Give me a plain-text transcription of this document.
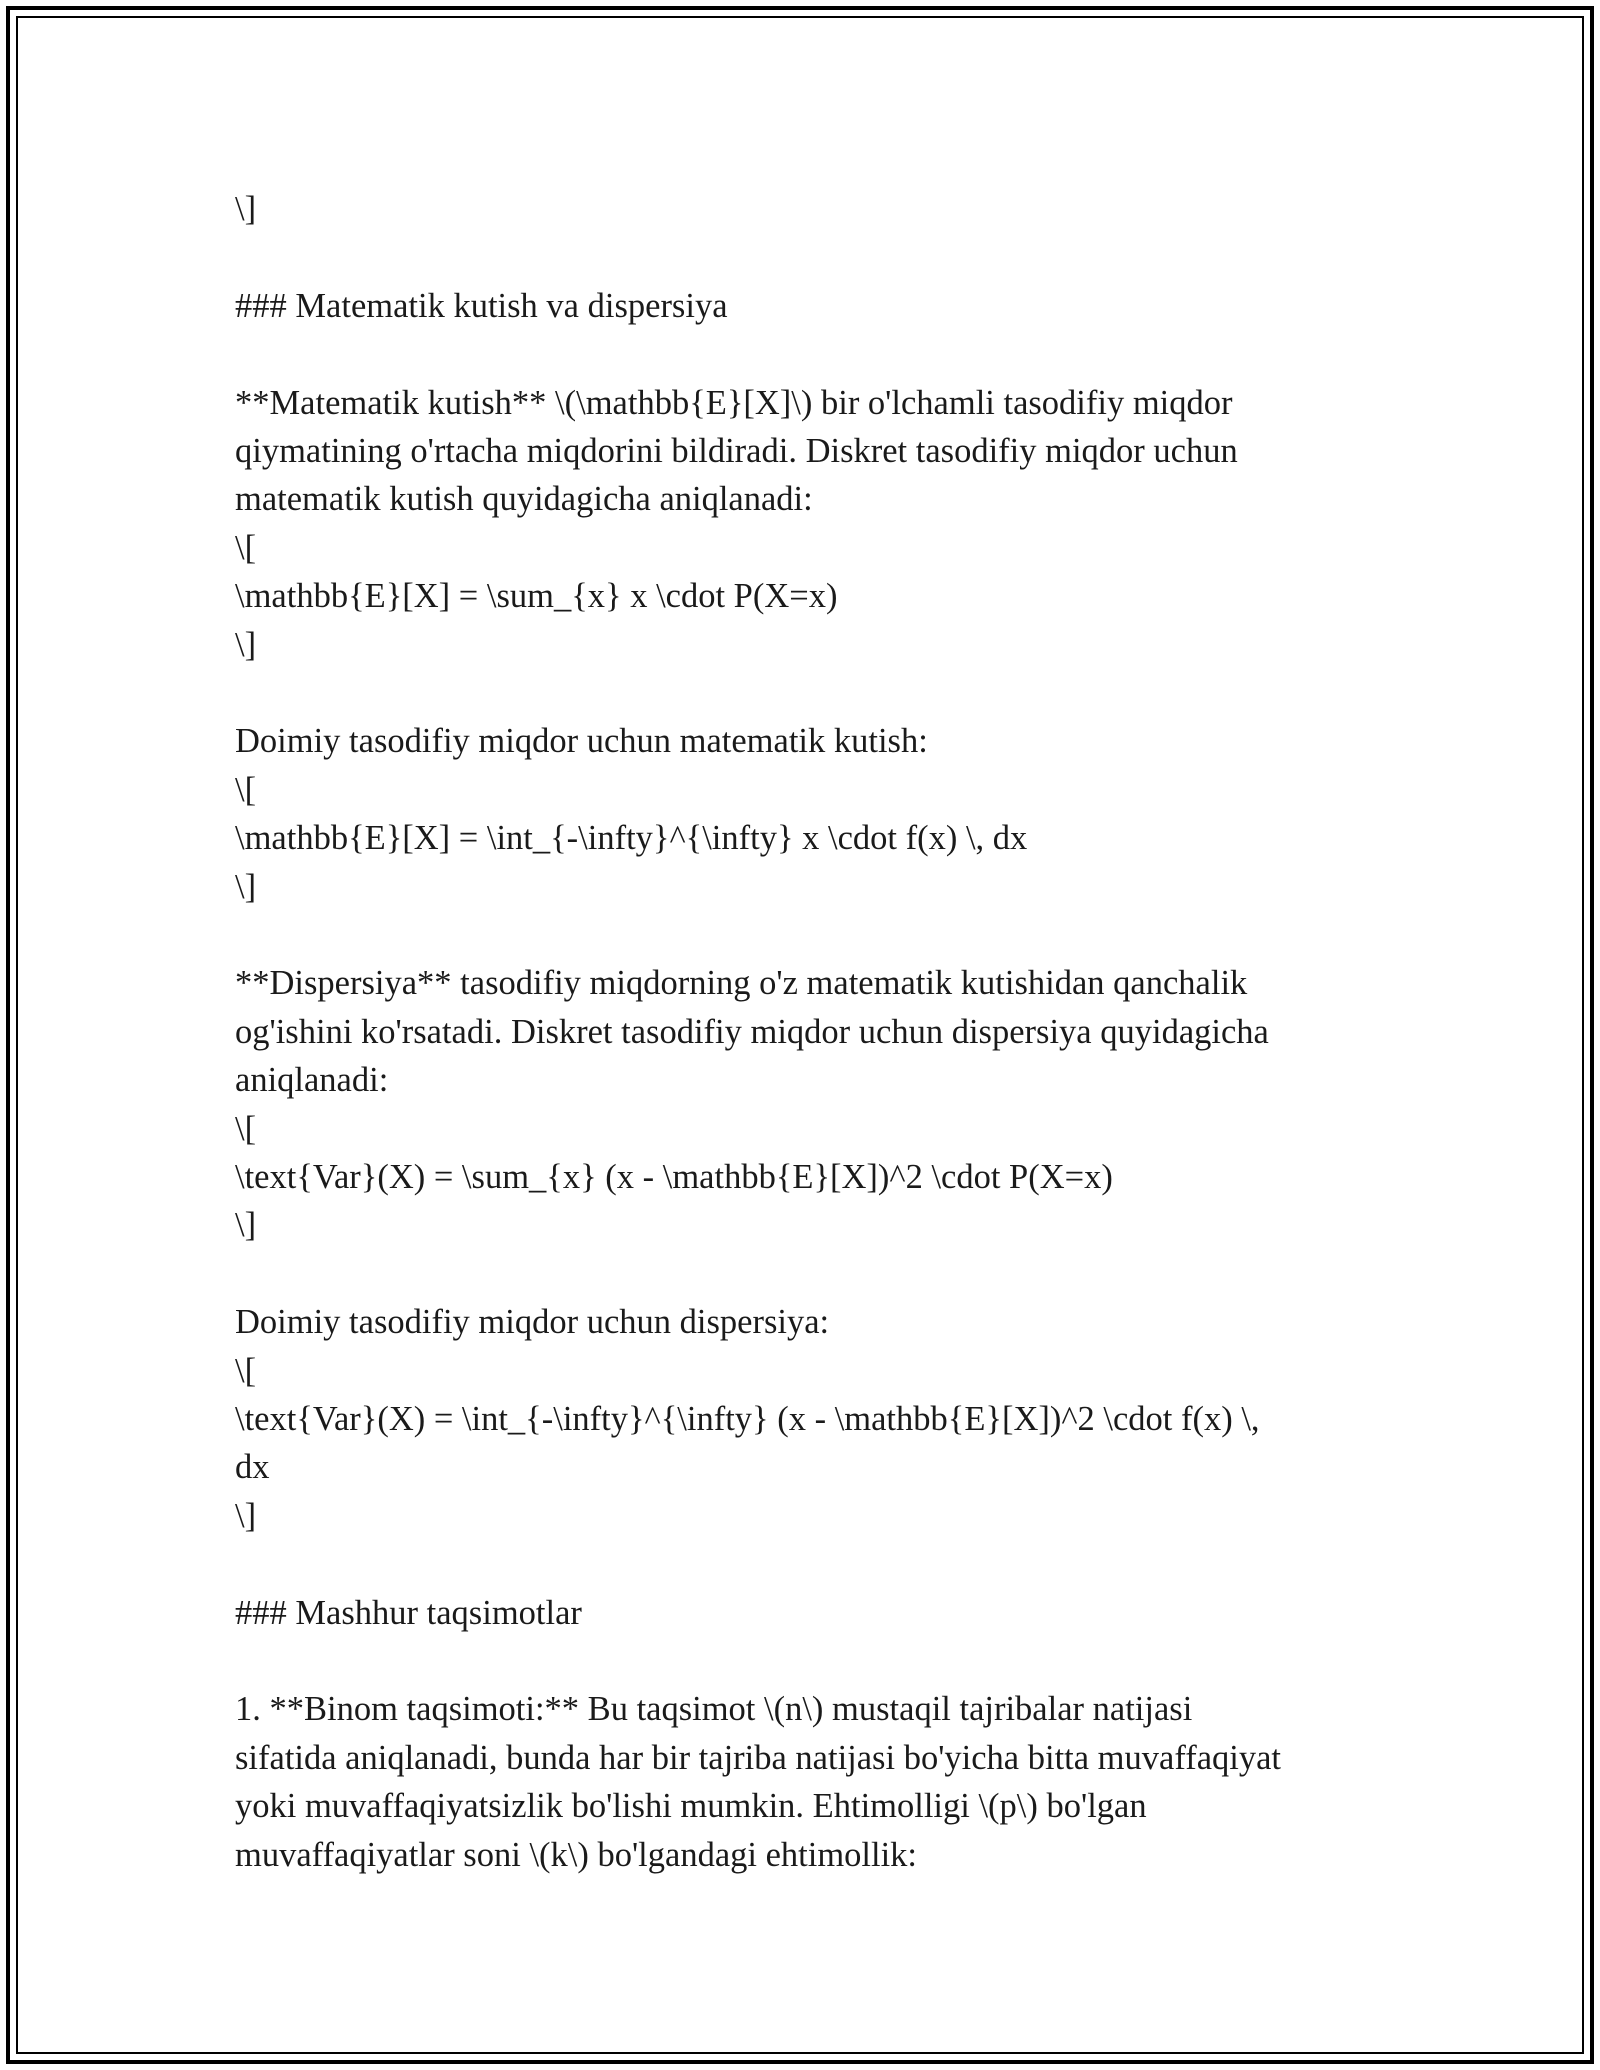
\]
### Matematik kutish va dispersiya
**Matematik kutish** \(\mathbb{E}[X]\) bir o'lchamli tasodifiy miqdor
qiymatining o'rtacha miqdorini bildiradi. Diskret tasodifiy miqdor uchun
matematik kutish quyidagicha aniqlanadi:
\[
\mathbb{E}[X] = \sum_{x} x \cdot P(X=x)
\]
Doimiy tasodifiy miqdor uchun matematik kutish:
\[
\mathbb{E}[X] = \int_{-\infty}^{\infty} x \cdot f(x) \, dx
\]
**Dispersiya** tasodifiy miqdorning o'z matematik kutishidan qanchalik
og'ishini ko'rsatadi. Diskret tasodifiy miqdor uchun dispersiya quyidagicha
aniqlanadi:
\[
\text{Var}(X) = \sum_{x} (x - \mathbb{E}[X])^2 \cdot P(X=x)
\]
Doimiy tasodifiy miqdor uchun dispersiya:
\[
\text{Var}(X) = \int_{-\infty}^{\infty} (x - \mathbb{E}[X])^2 \cdot f(x) \,
dx
\]
### Mashhur taqsimotlar
1. **Binom taqsimoti:** Bu taqsimot \(n\) mustaqil tajribalar natijasi
sifatida aniqlanadi, bunda har bir tajriba natijasi bo'yicha bitta muvaffaqiyat
yoki muvaffaqiyatsizlik bo'lishi mumkin. Ehtimolligi \(p\) bo'lgan
muvaffaqiyatlar soni \(k\) bo'lgandagi ehtimollik:
